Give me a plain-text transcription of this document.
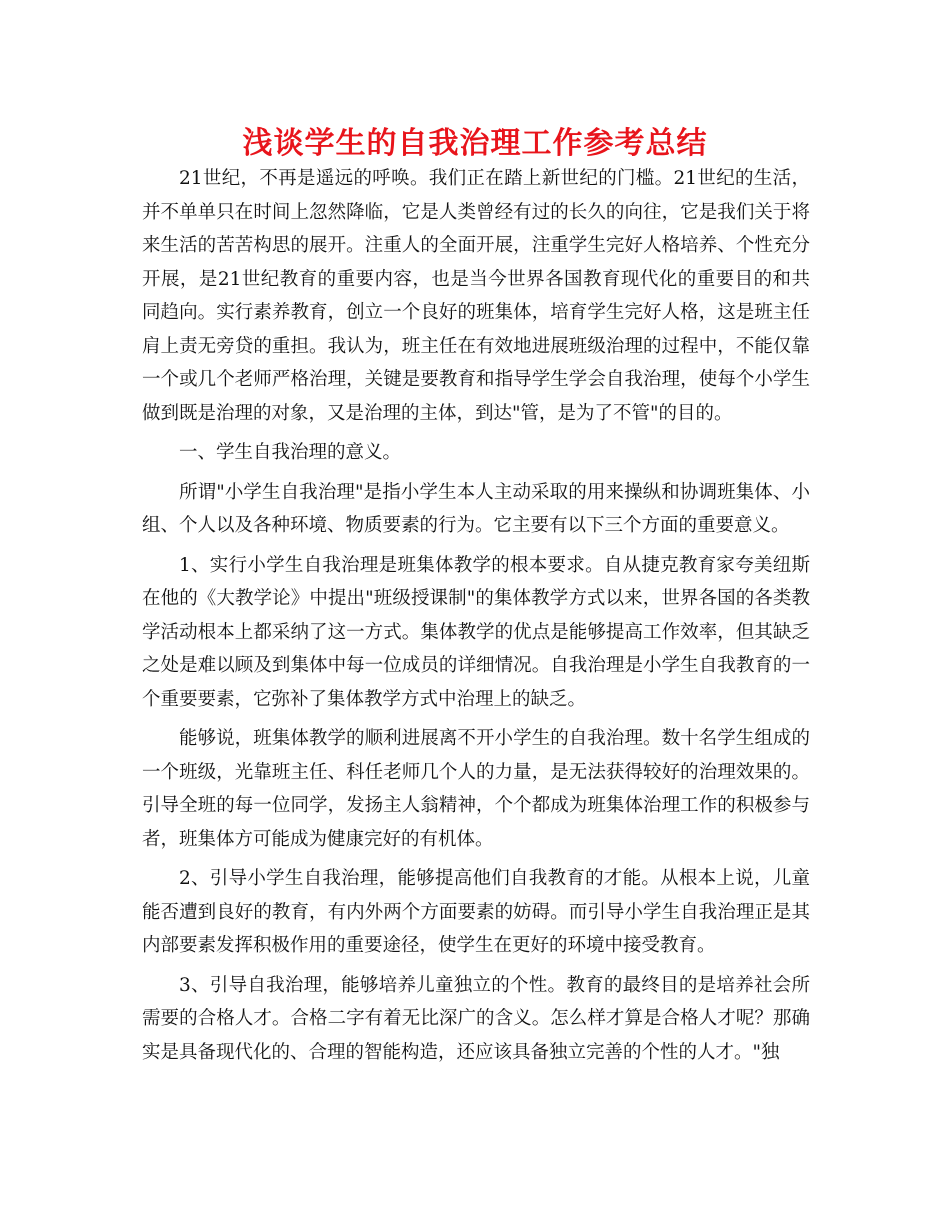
浅谈学生的自我治理工作参考总结

21世纪，不再是遥远的呼唤。我们正在踏上新世纪的门槛。21世纪的生活，并不单单只在时间上忽然降临，它是人类曾经有过的长久的向往，它是我们关于将来生活的苦苦构思的展开。注重人的全面开展，注重学生完好人格培养、个性充分开展，是21世纪教育的重要内容，也是当今世界各国教育现代化的重要目的和共同趋向。实行素养教育，创立一个良好的班集体，培育学生完好人格，这是班主任肩上责无旁贷的重担。我认为，班主任在有效地进展班级治理的过程中，不能仅靠一个或几个老师严格治理，关键是要教育和指导学生学会自我治理，使每个小学生做到既是治理的对象，又是治理的主体，到达"管，是为了不管"的目的。

一、学生自我治理的意义。

所谓"小学生自我治理"是指小学生本人主动采取的用来操纵和协调班集体、小组、个人以及各种环境、物质要素的行为。它主要有以下三个方面的重要意义。

1、实行小学生自我治理是班集体教学的根本要求。自从捷克教育家夸美纽斯在他的《大教学论》中提出"班级授课制"的集体教学方式以来，世界各国的各类教学活动根本上都采纳了这一方式。集体教学的优点是能够提高工作效率，但其缺乏之处是难以顾及到集体中每一位成员的详细情况。自我治理是小学生自我教育的一个重要要素，它弥补了集体教学方式中治理上的缺乏。

能够说，班集体教学的顺利进展离不开小学生的自我治理。数十名学生组成的一个班级，光靠班主任、科任老师几个人的力量，是无法获得较好的治理效果的。引导全班的每一位同学，发扬主人翁精神，个个都成为班集体治理工作的积极参与者，班集体方可能成为健康完好的有机体。

2、引导小学生自我治理，能够提高他们自我教育的才能。从根本上说，儿童能否遭到良好的教育，有内外两个方面要素的妨碍。而引导小学生自我治理正是其内部要素发挥积极作用的重要途径，使学生在更好的环境中接受教育。

3、引导自我治理，能够培养儿童独立的个性。教育的最终目的是培养社会所需要的合格人才。合格二字有着无比深广的含义。怎么样才算是合格人才呢？那确实是具备现代化的、合理的智能构造，还应该具备独立完善的个性的人才。"独
